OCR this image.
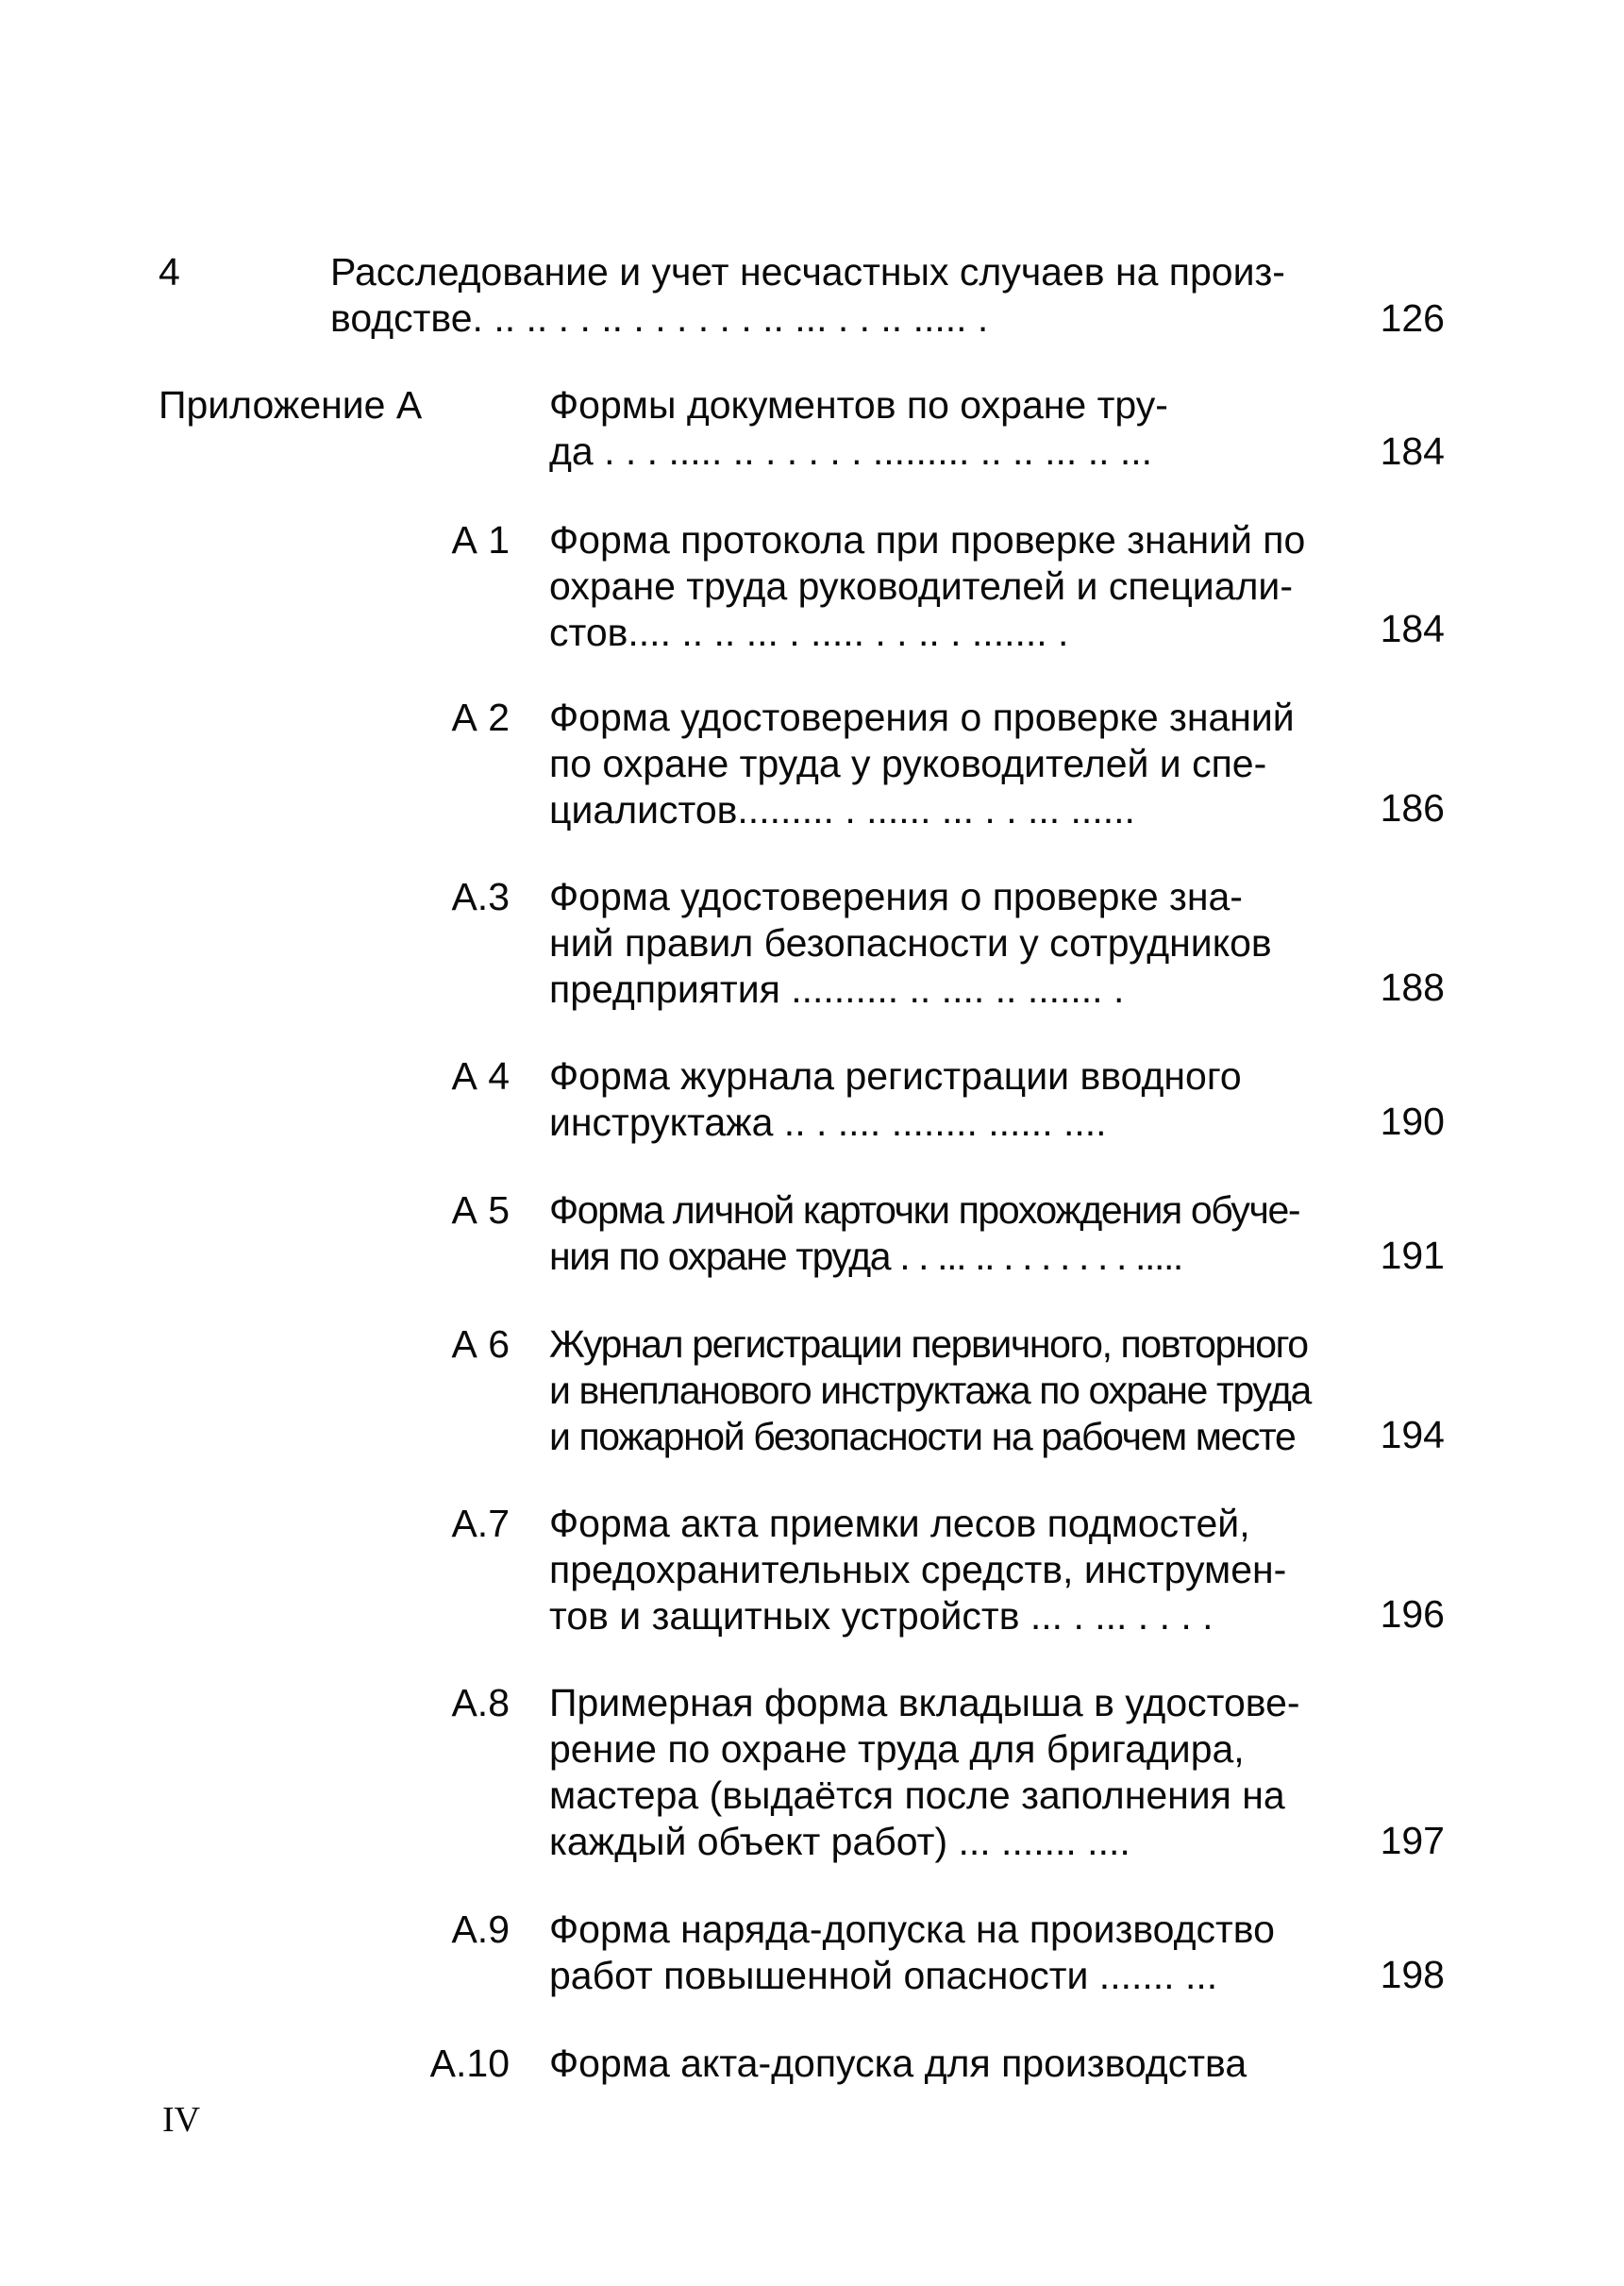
4	Расследование и учет несчастных случаев на произ-
водстве. .. .. . . .. . . . . . . .. ... . . .. ..... .	126
Приложение А	Формы документов по охране тру-
да . . . ..... .. . . . . . ......... .. .. ... .. ...	184
А 1 Форма протокола при проверке знаний по
охране труда руководителей и специали-
стов.... .. .. ... . ..... . . .. . ....... .	184
А 2 Форма удостоверения о проверке знаний
по охране труда у руководителей и спе-
циалистов......... . ...... ... . . ... ......	186
А.3 Форма удостоверения о проверке зна-
ний правил безопасности у сотрудников
предприятия .......... .. .... .. ....... .	188
А 4 Форма журнала регистрации вводного
инструктажа .. . .... ........ ...... ....	190
А 5 Форма личной карточки прохождения обуче-
ния по охране труда . . ... .. . . . . . . . .....	191
А 6 Журнал регистрации первичного, повторного
и внепланового инструктажа по охране труда
и пожарной безопасности на рабочем месте	194
А.7 Форма акта приемки лесов подмостей,
предохранительных средств, инструмен-
тов и защитных устройств ... . ... . . . .	196
А.8 Примерная форма вкладыша в удостове-
рение по охране труда для бригадира,
мастера (выдаётся после заполнения на
каждый объект работ) ... ....... ....	197
А.9 Форма наряда-допуска на производство
работ повышенной опасности ....... ...	198
А.10 Форма акта-допуска для производства
IV
